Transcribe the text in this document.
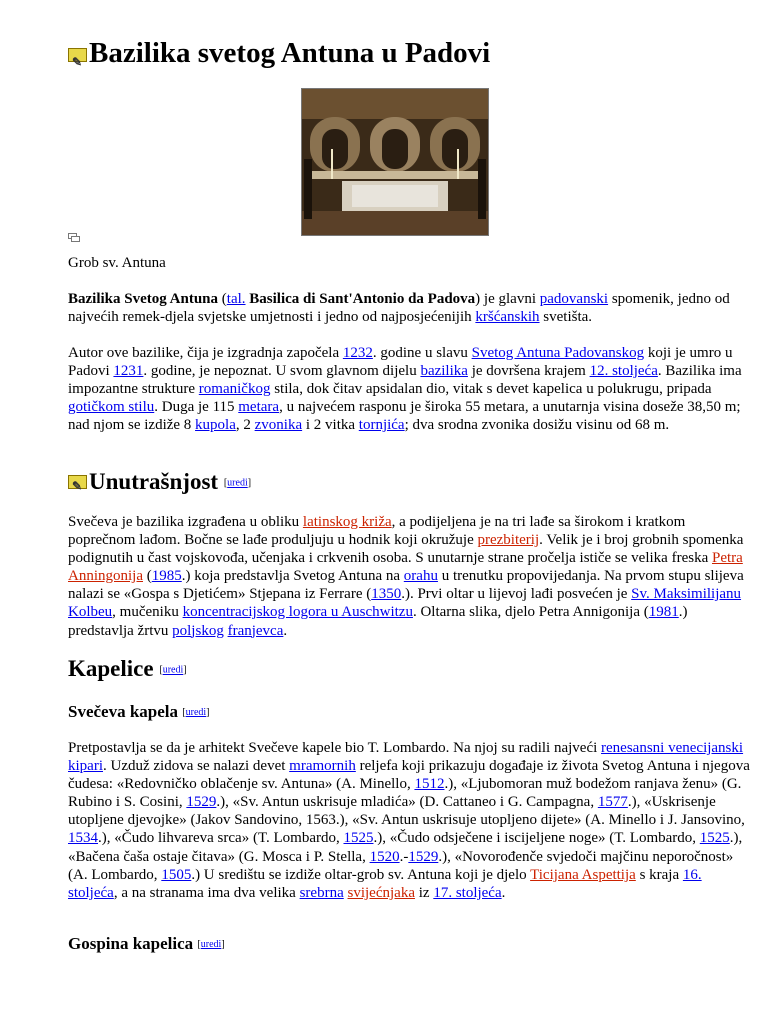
✎Bazilika svetog Antuna u Padovi
Grob sv. Antuna

Bazilika Svetog Antuna (tal. Basilica di Sant'Antonio da Padova) je glavni padovanski spomenik, jedno od najvećih remek-djela svjetske umjetnosti i jedno od najposjećenijih kršćanskih svetišta.

Autor ove bazilike, čija je izgradnja započela 1232. godine u slavu Svetog Antuna Padovanskog koji je umro u Padovi 1231. godine, je nepoznat. U svom glavnom dijelu bazilika je dovršena krajem 12. stoljeća. Bazilika ima impozantne strukture romaničkog stila, dok čitav apsidalan dio, vitak s devet kapelica u polukrugu, pripada gotičkom stilu. Duga je 115 metara, u najvećem rasponu je široka 55 metara, a unutarnja visina doseže 38,50 m; nad njom se izdiže 8 kupola, 2 zvonika i 2 vitka tornjića; dva srodna zvonika dosižu visinu od 68 m.

✎Unutrašnjost [uredi]

Svečeva je bazilika izgrađena u obliku latinskog križa, a podijeljena je na tri lađe sa širokom i kratkom poprečnom lađom. Bočne se lađe produljuju u hodnik koji okružuje prezbiterij. Velik je i broj grobnih spomenka podignutih u čast vojskovođa, učenjaka i crkvenih osoba. S unutarnje strane pročelja ističe se velika freska Petra Anningonija (1985.) koja predstavlja Svetog Antuna na orahu u trenutku propovijedanja. Na prvom stupu slijeva nalazi se «Gospa s Djetićem» Stjepana iz Ferrare (1350.). Prvi oltar u lijevoj lađi posvećen je Sv. Maksimilijanu Kolbeu, mučeniku koncentracijskog logora u Auschwitzu. Oltarna slika, djelo Petra Annigonija (1981.) predstavlja žrtvu poljskog franjevca.

Kapelice [uredi]
Svečeva kapela [uredi]

Pretpostavlja se da je arhitekt Svečeve kapele bio T. Lombardo. Na njoj su radili najveći renesansni venecijanski kipari. Uzduž zidova se nalazi devet mramornih reljefa koji prikazuju događaje iz života Svetog Antuna i njegova čudesa: «Redovničko oblačenje sv. Antuna» (A. Minello, 1512.), «Ljubomoran muž bodežom ranjava ženu» (G. Rubino i S. Cosini, 1529.), «Sv. Antun uskrisuje mladića» (D. Cattaneo i G. Campagna, 1577.), «Uskrisenje utopljene djevojke» (Jakov Sandovino, 1563.), «Sv. Antun uskrisuje utopljeno dijete» (A. Minello i J. Jansovino, 1534.), «Čudo lihvareva srca» (T. Lombardo, 1525.), «Čudo odsječene i iscijeljene noge» (T. Lombardo, 1525.), «Bačena čaša ostaje čitava» (G. Mosca i P. Stella, 1520.-1529.), «Novorođenče svjedoči majčinu neporočnost» (A. Lombardo, 1505.) U središtu se izdiže oltar-grob sv. Antuna koji je djelo Ticijana Aspettija s kraja 16. stoljeća, a na stranama ima dva velika srebrna svijećnjaka iz 17. stoljeća.

Gospina kapelica [uredi]
